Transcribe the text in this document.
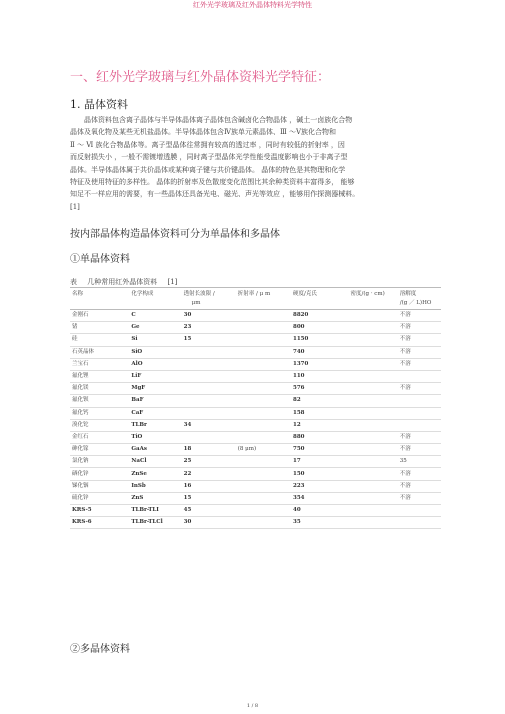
红外光学玻璃及红外晶体特料光学特性
一、红外光学玻璃与红外晶体资料光学特征：
1. 晶体资料

晶体资料包含离子晶体与半导体晶体离子晶体包含碱卤化合物晶体 ，碱土一卤族化合物

晶体及氧化物及某些无机盐晶体。半导体晶体包含Ⅳ族单元素晶体、Ⅲ ～Ⅴ族化合物和

Ⅱ ～ Ⅵ 族化合物晶体等。离子型晶体往常拥有较高的透过率 ，同时有较低的折射率 ，因

而反射损失小 ，一般不需镀增透膜 ，同时离子型晶体光学性能受温度影响也小于非离子型

晶体。半导体晶体属于共价晶体或某种离子键与共价键晶体。 晶体的特色是其物理和化学

特征及使用特征的多样性。 晶体的折射率及色散度变化范围比其余种类资料丰富得多， 能够

知足不一样应用的需要，有一些晶体还具备光电、磁光、声光等效应 ，能够用作探测器械料。

[1]

按内部晶体构造晶体资料可分为单晶体和多晶体
①单晶体资料
表 几种常用红外晶体资料 [1]
名称	化学构成	透射长波限 /
μm	折射率 / μ m	硬度/克氏	密度/(g · cm)	溶解度
/(g ／ L)HO
金刚石	C	30		8820		不溶
锗	Ge	23		800		不溶
硅	Si	15		1150		不溶
石英晶体	SiO			740		不溶
兰宝石	AlO			1370		不溶
氟化锂	LiF			110		
氟化镁	MgF			576		不溶
氟化钡	BaF			82		
氟化钙	CaF			158		
溴化铊	TLBr	34		12		
金红石	TiO			880		不溶
砷化镓	GaAs	18	(8 μm)	750		不溶
氯化钠	NaCl	25		17		35
硒化锌	ZnSe	22		150		不溶
锑化铟	InSb	16		223		不溶
硫化锌	ZnS	15		354		不溶
KRS-5	TLBr-TLI	45		40		
KRS-6	TLBr-TLCl	30		35		
②多晶体资料
1 / 8
